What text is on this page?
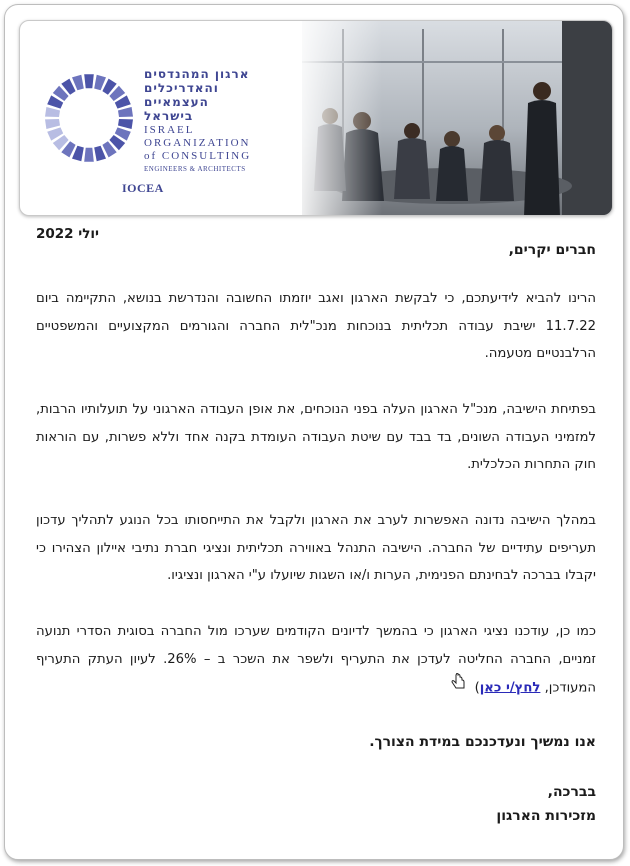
ארגון המהנדסים
והאדריכלים
העצמאיים
בישראל
ISRAEL
ORGANIZATION
of CONSULTING
ENGINEERS & ARCHITECTS
IOCEA
יולי 2022
חברים יקרים,
הרינו להביא לידיעתכם, כי לבקשת הארגון ואגב יוזמתו החשובה והנדרשת בנושא, התקיימה ביום 11.7.22 ישיבת עבודה תכליתית בנוכחות מנכ"לית החברה והגורמים המקצועיים והמשפטיים הרלבנטיים מטעמה.
בפתיחת הישיבה, מנכ"ל הארגון העלה בפני הנוכחים, את אופן העבודה הארגוני על תועלותיו הרבות, למזמיני העבודה השונים, בד בבד עם שיטת העבודה העומדת בקנה אחד וללא פשרות, עם הוראות חוק התחרות הכלכלית.
במהלך הישיבה נדונה האפשרות לערב את הארגון ולקבל את התייחסותו בכל הנוגע לתהליך עדכון תעריפים עתידיים של החברה. הישיבה התנהל באווירה תכליתית ונציגי חברת נתיבי איילון הצהירו כי יקבלו בברכה לבחינתם הפנימית, הערות ו/או השגות שיועלו ע"י הארגון ונציגיו.
כמו כן, עודכנו נציגי הארגון כי בהמשך לדיונים הקודמים שערכו מול החברה בסוגית הסדרי תנועה זמניים, החברה החליטה לעדכן את התעריף ולשפר את השכר ב – 26%. לעיון העתק התעריף המעודכן, לחץ/י כאן)
אנו נמשיך ונעדכנכם במידת הצורך.
בברכה,
מזכירות הארגון
